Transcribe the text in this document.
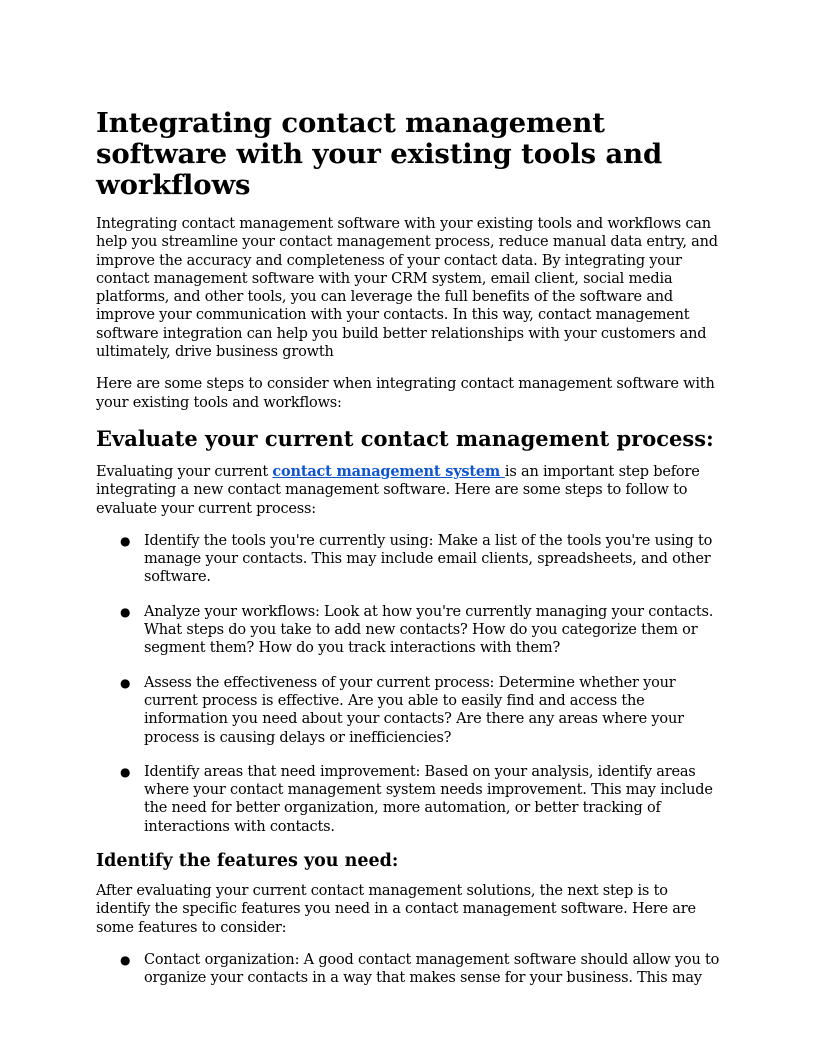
Integrating contact management software with your existing tools and workflows

Integrating contact management software with your existing tools and workflows can help you streamline your contact management process, reduce manual data entry, and improve the accuracy and completeness of your contact data. By integrating your contact management software with your CRM system, email client, social media platforms, and other tools, you can leverage the full benefits of the software and improve your communication with your contacts. In this way, contact management software integration can help you build better relationships with your customers and ultimately, drive business growth

Here are some steps to consider when integrating contact management software with your existing tools and workflows:

Evaluate your current contact management process:

Evaluating your current contact management system is an important step before integrating a new contact management software. Here are some steps to follow to evaluate your current process:

● Identify the tools you're currently using: Make a list of the tools you're using to manage your contacts. This may include email clients, spreadsheets, and other software.
● Analyze your workflows: Look at how you're currently managing your contacts. What steps do you take to add new contacts? How do you categorize them or segment them? How do you track interactions with them?
● Assess the effectiveness of your current process: Determine whether your current process is effective. Are you able to easily find and access the information you need about your contacts? Are there any areas where your process is causing delays or inefficiencies?
● Identify areas that need improvement: Based on your analysis, identify areas where your contact management system needs improvement. This may include the need for better organization, more automation, or better tracking of interactions with contacts.
Identify the features you need:

After evaluating your current contact management solutions, the next step is to identify the specific features you need in a contact management software. Here are some features to consider:

● Contact organization: A good contact management software should allow you to organize your contacts in a way that makes sense for your business. This may
